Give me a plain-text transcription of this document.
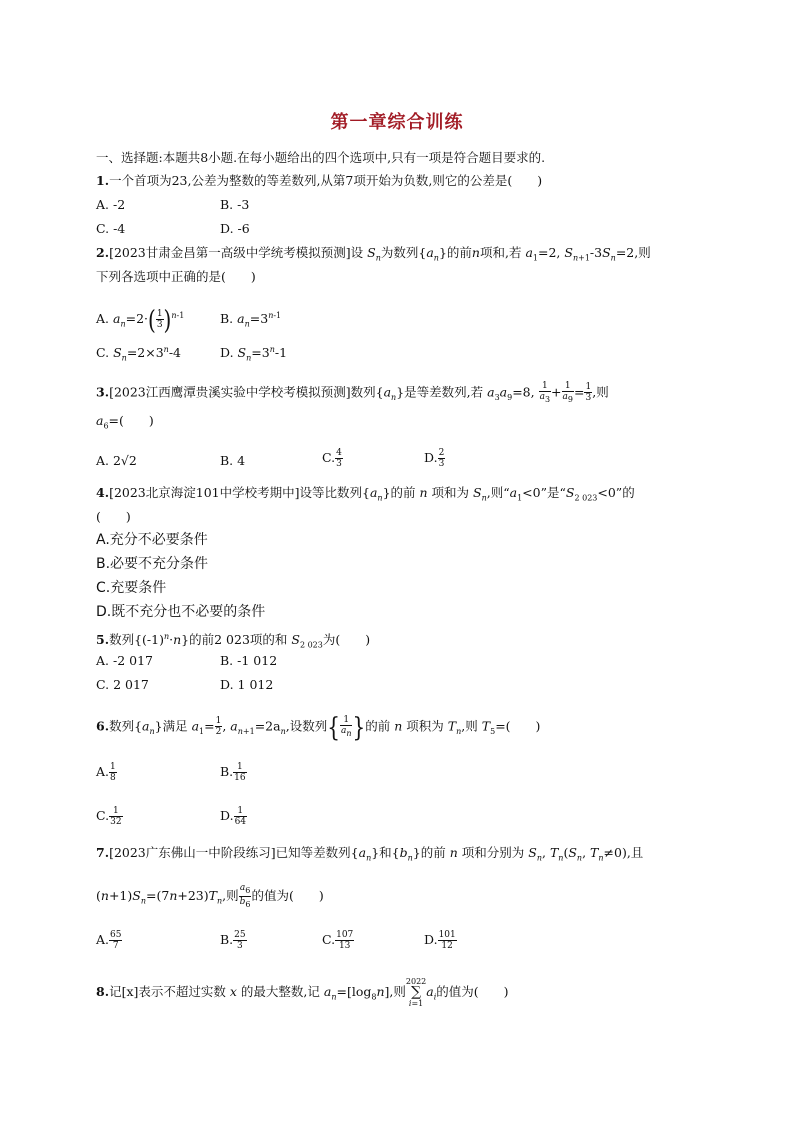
第一章综合训练
一、选择题:本题共8小题.在每小题给出的四个选项中,只有一项是符合题目要求的.
1.一个首项为23,公差为整数的等差数列,从第7项开始为负数,则它的公差是(　　)
A. -2	B. -3
C. -4	D. -6
2.[2023甘肃金昌第一高级中学统考模拟预测]设 $S_n$为数列$\{a_n\}$的前n项和,若 $a_1=2$, $S_{n+1}-3S_n=2$,则
下列各选项中正确的是(　　)
A. $a_n=2\cdot( \frac{1}{3} )^{n-1}$	B. $a_n=3^{n-1}$
C. $S_n=2\times 3^n-4$	D. $S_n=3^n-1$
3.[2023江西鹰潭贵溪实验中学校考模拟预测]数列$\{a_n\}$是等差数列,若 $a_3a_9=8$, $\frac{1}{a_3} + \frac{1}{a_9} = \frac{1}{3}$ ,则
$a_6=$(　　)
A. 2√2	B. 4	C. $\frac{4}{3}$	D. $\frac{2}{3}$
4.[2023北京海淀101中学校考期中]设等比数列$\{a_n\}$的前 n 项和为 $S_n$,则“$a_1<0$”是“$S_{2 023}<0$”的
(　　)
A.充分不必要条件
B.必要不充分条件
C.充要条件
D.既不充分也不必要的条件
5.数列$\{(-1)^n\cdot n\}$的前2 023项的和 $S_{2 023}$为(　　)
A. -2 017	B. -1 012
C. 2 017	D. 1 012
6.数列$\{a_n\}$满足 $a_1= \frac{1}{2}$ , $a_{n+1}=2a_n$,设数列{ $\frac{1}{a_n}$ }的前 n 项积为 $T_n$,则 $T_5=$(　　)
A. $\frac{1}{8}$	B. $\frac{1}{16}$
C. $\frac{1}{32}$	D. $\frac{1}{64}$
7.[2023广东佛山一中阶段练习]已知等差数列$\{a_n\}$和$\{b_n\}$的前 n 项和分别为 $S_n$, $T_n(S_n$, $T_n\ne 0$),且
$(n+1)S_n=(7n+23)T_n$,则 $\frac{a_6}{b_6}$ 的值为(　　)
A. $\frac{65}{7}$	B. $\frac{25}{3}$	C. $\frac{107}{13}$	D. $\frac{101}{12}$
8.记[x]表示不超过实数 x 的最大整数,记 $a_n=[\log_8n]$,则2022
∑
$i=1a_i$的值为(　　)
